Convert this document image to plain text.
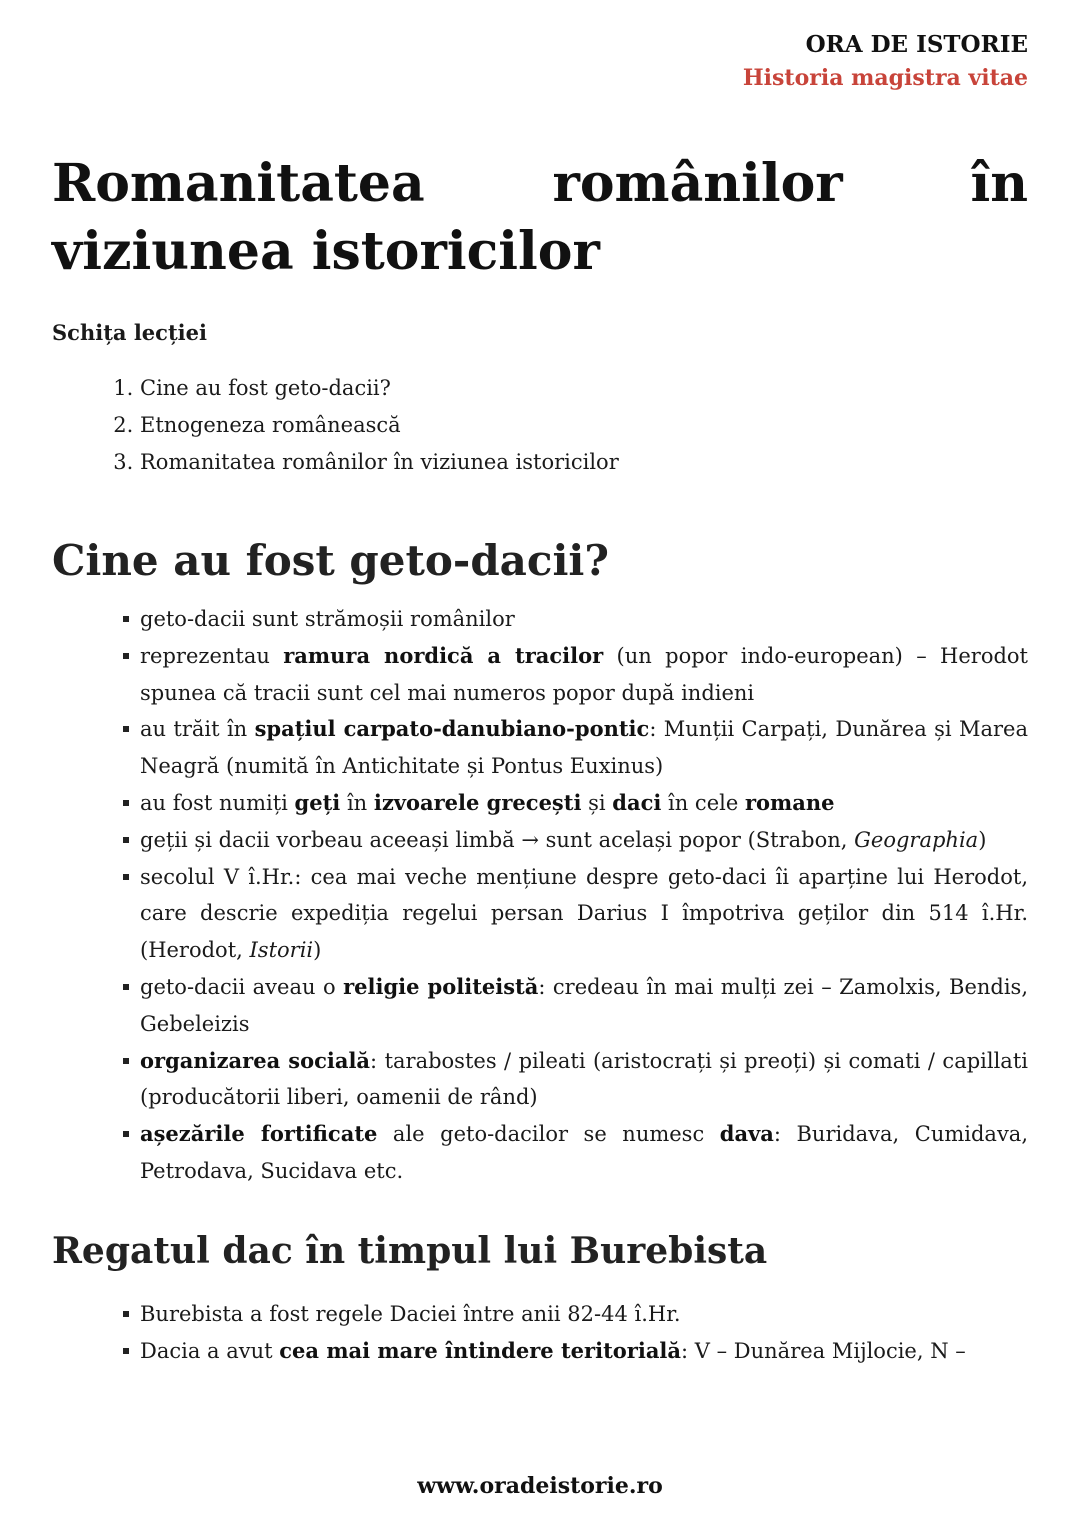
ORA DE ISTORIE
Historia magistra vitae
Romanitatea românilor în viziunea istoricilor
Schița lecției
1. Cine au fost geto-dacii?
2. Etnogeneza românească
3. Romanitatea românilor în viziunea istoricilor
Cine au fost geto-dacii?
geto-dacii sunt strămoșii românilor
reprezentau ramura nordică a tracilor (un popor indo-european) – Herodot spunea că tracii sunt cel mai numeros popor după indieni
au trăit în spațiul carpato-danubiano-pontic: Munții Carpați, Dunărea și Marea Neagră (numită în Antichitate și Pontus Euxinus)
au fost numiți geți în izvoarele grecești și daci în cele romane
geții și dacii vorbeau aceeași limbă → sunt același popor (Strabon, Geographia)
secolul V î.Hr.: cea mai veche mențiune despre geto-daci îi aparține lui Herodot, care descrie expediția regelui persan Darius I împotriva geților din 514 î.Hr. (Herodot, Istorii)
geto-dacii aveau o religie politeistă: credeau în mai mulți zei – Zamolxis, Bendis, Gebeleizis
organizarea socială: tarabostes / pileati (aristocrați și preoți) și comati / capillati (producătorii liberi, oamenii de rând)
așezările fortificate ale geto-dacilor se numesc dava: Buridava, Cumidava, Petrodava, Sucidava etc.
Regatul dac în timpul lui Burebista
Burebista a fost regele Daciei între anii 82-44 î.Hr.
Dacia a avut cea mai mare întindere teritorială: V – Dunărea Mijlocie, N –
www.oradeistorie.ro
